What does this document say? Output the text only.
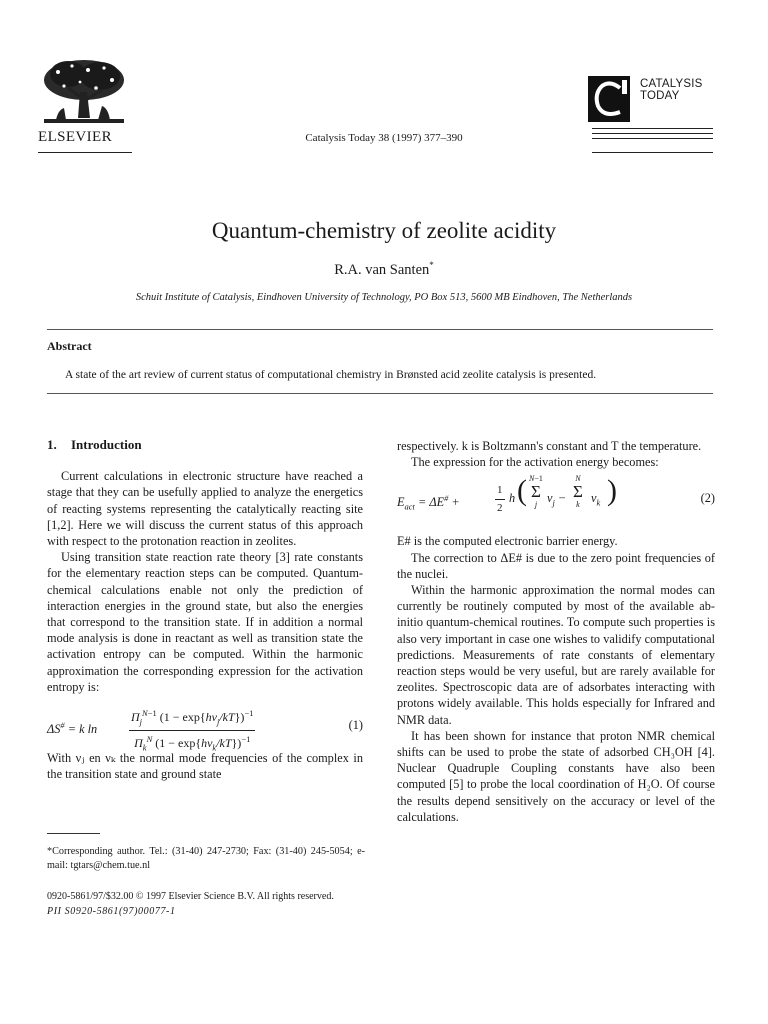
ELSEVIER	Catalysis Today 38 (1997) 377–390
CATALYSIS
TODAY
Quantum-chemistry of zeolite acidity
R.A. van Santen*
Schuit Institute of Catalysis, Eindhoven University of Technology, PO Box 513, 5600 MB Eindhoven, The Netherlands
Abstract
A state of the art review of current status of computational chemistry in Brønsted acid zeolite catalysis is presented.

1. Introduction

Current calculations in electronic structure have reached a stage that they can be usefully applied to analyze the energetics of reacting systems representing the catalytically reacting site [1,2]. Here we will discuss the current status of this approach with respect to the protonation reaction in zeolites.

Using transition state reaction rate theory [3] rate constants for the elementary reaction steps can be computed. Quantum-chemical calculations enable not only the prediction of interaction energies in the ground state, but also the energies that correspond to the transition state. If in addition a normal mode analysis is done in reactant as well as transition state the activation entropy can be computed. Within the harmonic approximation the corresponding expression for the activation entropy is:

ΔS# = k ln
$\Pi_j^{N-1}$ $(1 - \exp\{h\nu_j/kT\})^{-1}$
$\Pi_k^N$ $(1 - \exp\{h\nu_k/kT\})^{-1}$
(1)

With νⱼ en νₖ the normal mode frequencies of the complex in the transition state and ground state

respectively. k is Boltzmann's constant and T the temperature.

The expression for the activation energy becomes:

$E_{act} = \Delta E^{\#}$ +	$\frac{1}{2}$ h ( N−1
Σ
j $\nu_j$ −
N
Σ
k $\nu_k$ )	(2)

E# is the computed electronic barrier energy.

The correction to ΔE# is due to the zero point frequencies of the nuclei.

Within the harmonic approximation the normal modes can currently be routinely computed by most of the available ab-initio quantum-chemical routines. To compute such properties is also very important in case one wishes to validify computational predictions. Measurements of rate constants of elementary reaction steps would be very useful, but are rarely available for zeolites. Spectroscopic data are of adsorbates interacting with protons widely available. This holds especially for Infrared and NMR data.

It has been shown for instance that proton NMR chemical shifts can be used to probe the state of adsorbed CH₃OH [4]. Nuclear Quadruple Coupling constants have also been computed [5] to probe the local coordination of H₂O. Of course the results depend sensitively on the accuracy or level of the calculations.

*Corresponding author. Tel.: (31-40) 247-2730; Fax: (31-40) 245-5054; e-mail: tgtars@chem.tue.nl
0920-5861/97/$32.00 © 1997 Elsevier Science B.V. All rights reserved.
PII S0920-5861(97)00077-1
